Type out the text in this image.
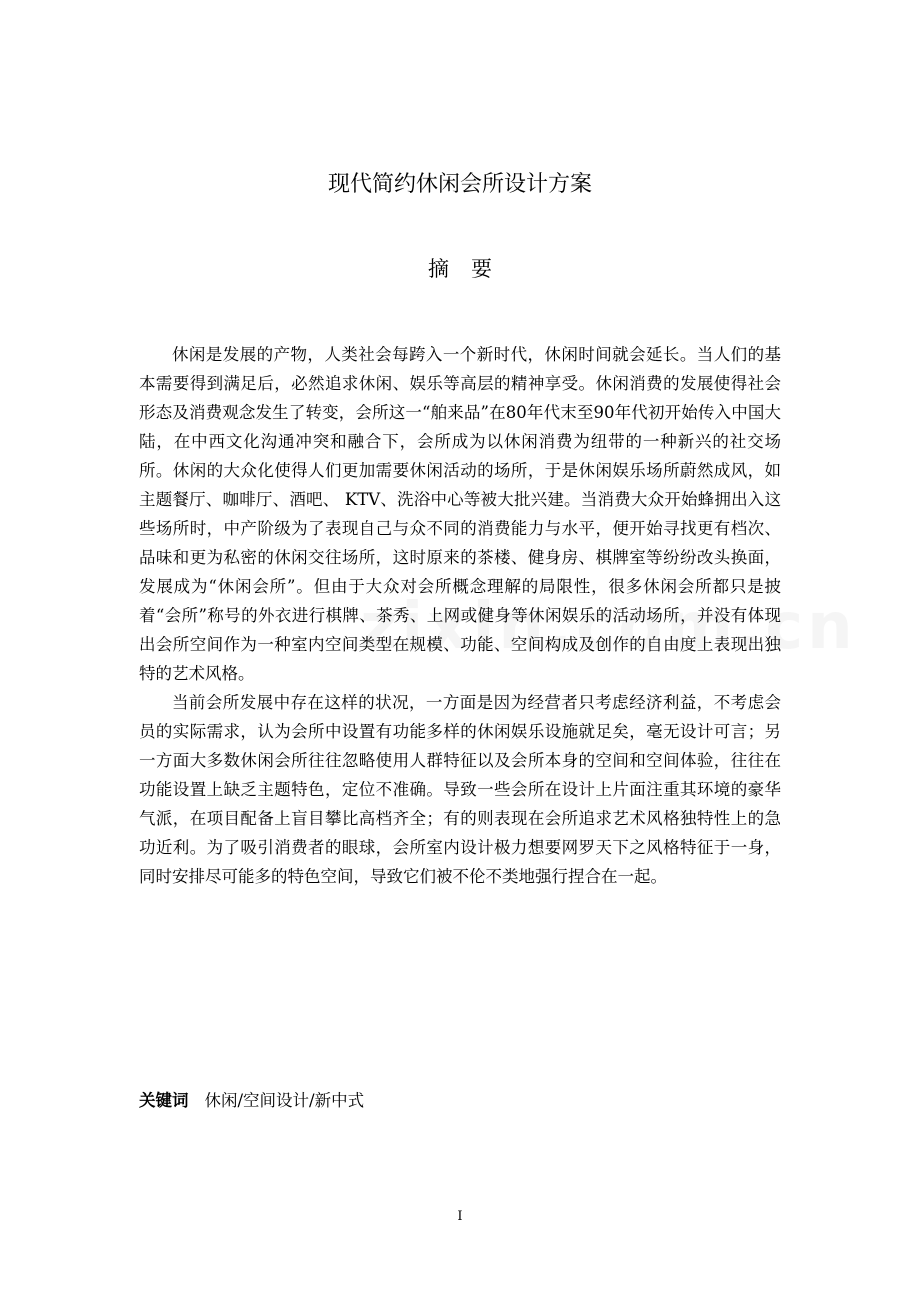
现代简约休闲会所设计方案
摘要

休闲是发展的产物，人类社会每跨入一个新时代，休闲时间就会延长。当人们的基本需要得到满足后，必然追求休闲、娱乐等高层的精神享受。休闲消费的发展使得社会形态及消费观念发生了转变，会所这一“舶来品”在80年代末至90年代初开始传入中国大陆，在中西文化沟通冲突和融合下，会所成为以休闲消费为纽带的一种新兴的社交场所。休闲的大众化使得人们更加需要休闲活动的场所，于是休闲娱乐场所蔚然成风，如主题餐厅、咖啡厅、酒吧、 KTV、洗浴中心等被大批兴建。当消费大众开始蜂拥出入这些场所时，中产阶级为了表现自己与众不同的消费能力与水平，便开始寻找更有档次、品味和更为私密的休闲交往场所，这时原来的茶楼、健身房、棋牌室等纷纷改头换面，发展成为“休闲会所”。但由于大众对会所概念理解的局限性，很多休闲会所都只是披着“会所”称号的外衣进行棋牌、茶秀、上网或健身等休闲娱乐的活动场所，并没有体现出会所空间作为一种室内空间类型在规模、功能、空间构成及创作的自由度上表现出独特的艺术风格。

当前会所发展中存在这样的状况，一方面是因为经营者只考虑经济利益，不考虑会员的实际需求，认为会所中设置有功能多样的休闲娱乐设施就足矣，毫无设计可言；另一方面大多数休闲会所往往忽略使用人群特征以及会所本身的空间和空间体验，往往在功能设置上缺乏主题特色，定位不准确。导致一些会所在设计上片面注重其环境的豪华气派，在项目配备上盲目攀比高档齐全；有的则表现在会所追求艺术风格独特性上的急功近利。为了吸引消费者的眼球，会所室内设计极力想要网罗天下之风格特征于一身，同时安排尽可能多的特色空间，导致它们被不伦不类地强行捏合在一起。

关键词 休闲/空间设计/新中式
I
